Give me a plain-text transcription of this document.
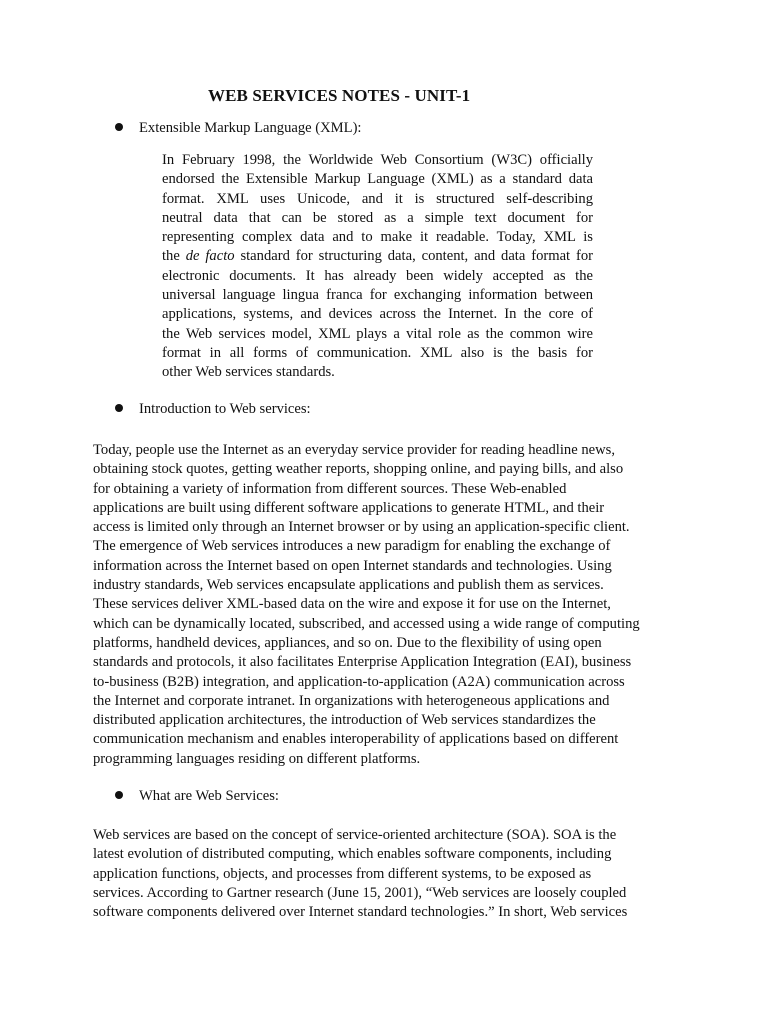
WEB SERVICES NOTES - UNIT-1
Extensible Markup Language (XML):
In February 1998, the Worldwide Web Consortium (W3C) officially
endorsed the Extensible Markup Language (XML) as a standard data
format. XML uses Unicode, and it is structured self-describing
neutral data that can be stored as a simple text document for
representing complex data and to make it readable. Today, XML is
the de facto standard for structuring data, content, and data format for
electronic documents. It has already been widely accepted as the
universal language lingua franca for exchanging information between
applications, systems, and devices across the Internet. In the core of
the Web services model, XML plays a vital role as the common wire
format in all forms of communication. XML also is the basis for
other Web services standards.
Introduction to Web services:
Today, people use the Internet as an everyday service provider for reading headline news,
obtaining stock quotes, getting weather reports, shopping online, and paying bills, and also
for obtaining a variety of information from different sources. These Web-enabled
applications are built using different software applications to generate HTML, and their
access is limited only through an Internet browser or by using an application-specific client.
The emergence of Web services introduces a new paradigm for enabling the exchange of
information across the Internet based on open Internet standards and technologies. Using
industry standards, Web services encapsulate applications and publish them as services.
These services deliver XML-based data on the wire and expose it for use on the Internet,
which can be dynamically located, subscribed, and accessed using a wide range of computing
platforms, handheld devices, appliances, and so on. Due to the flexibility of using open
standards and protocols, it also facilitates Enterprise Application Integration (EAI), business
to-business (B2B) integration, and application-to-application (A2A) communication across
the Internet and corporate intranet. In organizations with heterogeneous applications and
distributed application architectures, the introduction of Web services standardizes the
communication mechanism and enables interoperability of applications based on different
programming languages residing on different platforms.
What are Web Services:
Web services are based on the concept of service-oriented architecture (SOA). SOA is the
latest evolution of distributed computing, which enables software components, including
application functions, objects, and processes from different systems, to be exposed as
services. According to Gartner research (June 15, 2001), “Web services are loosely coupled
software components delivered over Internet standard technologies.” In short, Web services
